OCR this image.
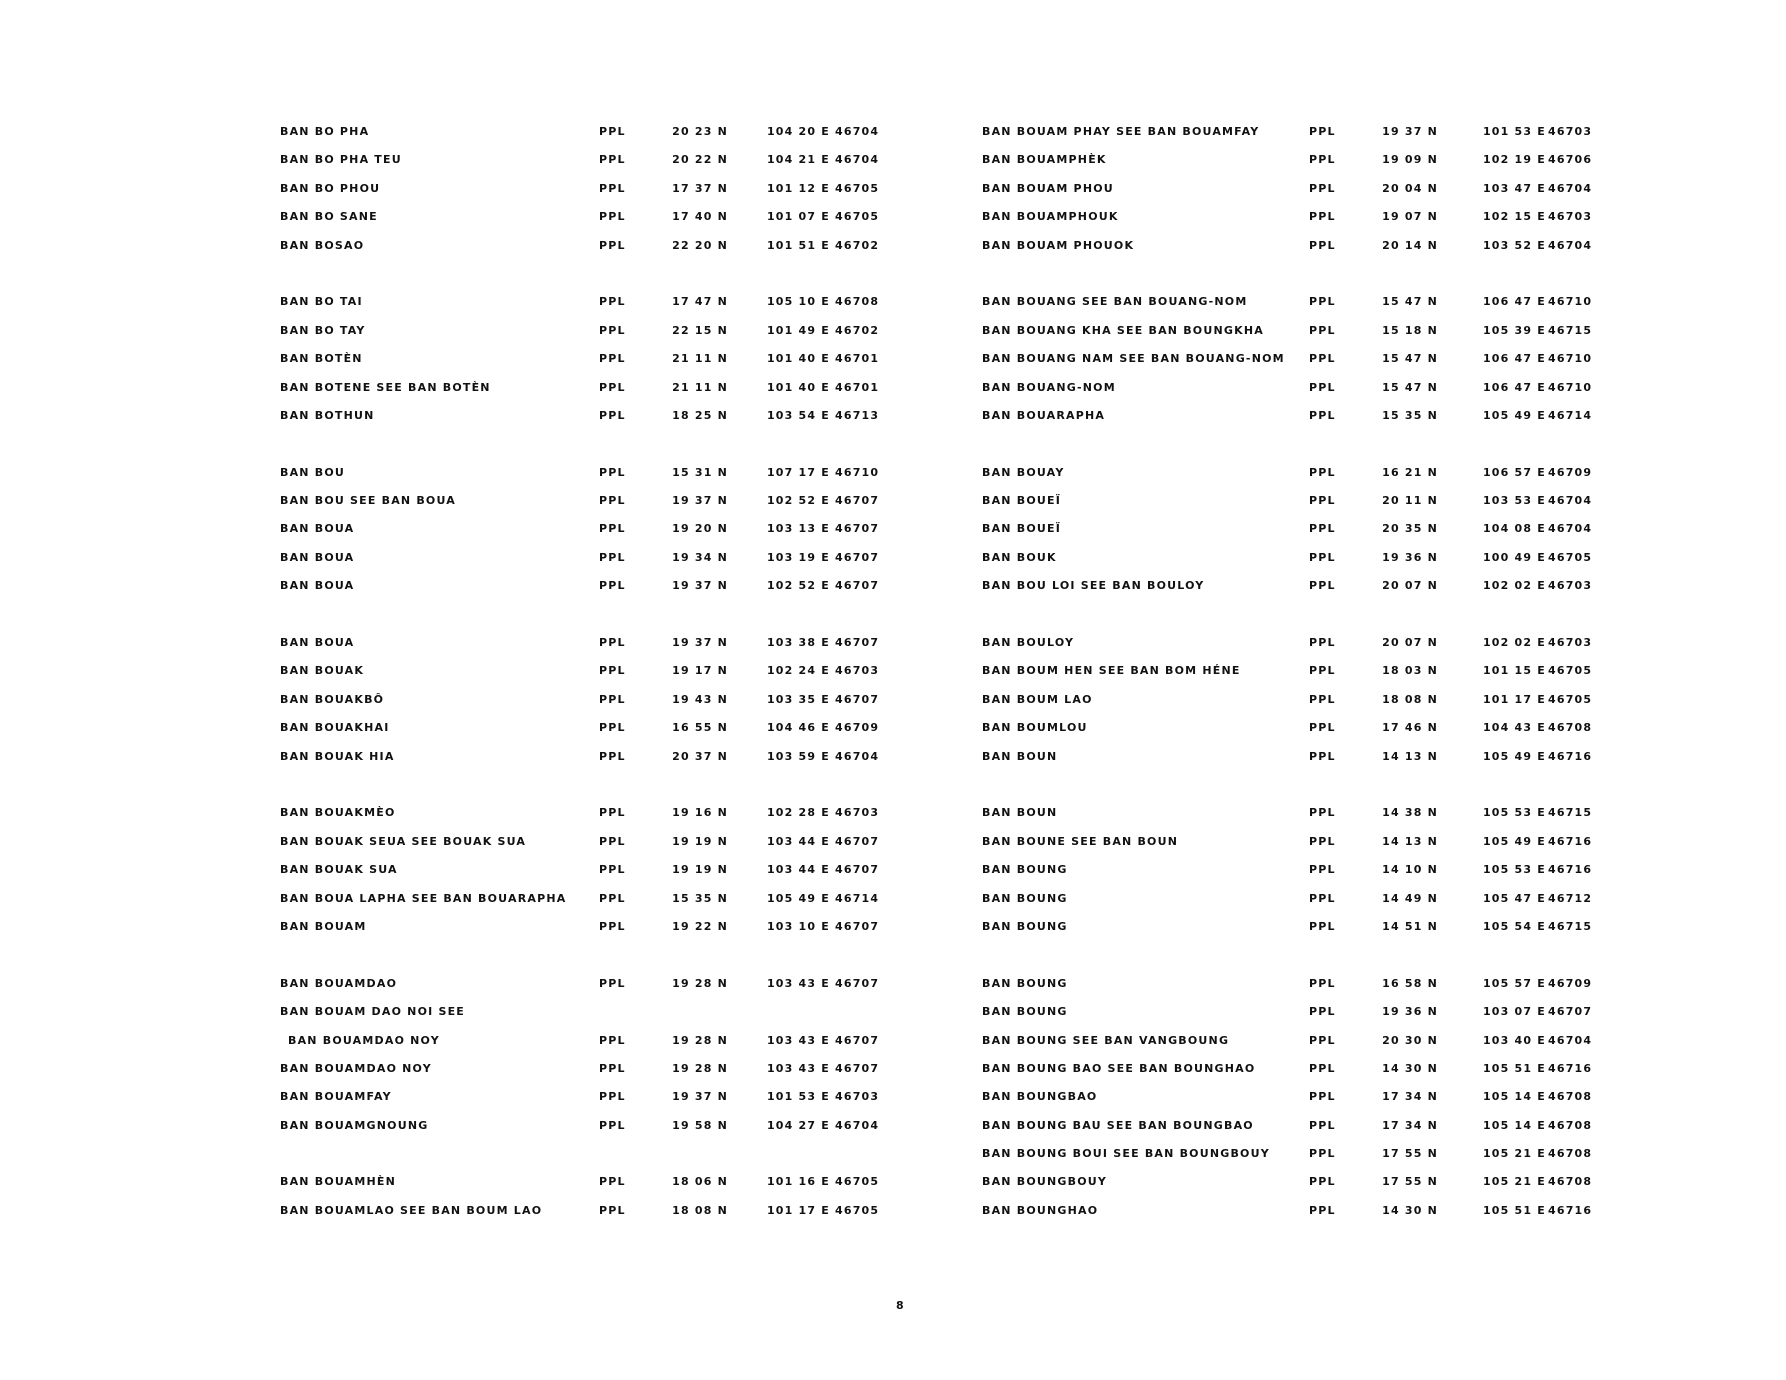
BAN BO PHA	PPL	20 23 N	104 20 E 46704
BAN BO PHA TEU	PPL	20 22 N	104 21 E 46704
BAN BO PHOU	PPL	17 37 N	101 12 E 46705
BAN BO SANE	PPL	17 40 N	101 07 E 46705
BAN BOSAO	PPL	22 20 N	101 51 E 46702
BAN BO TAI	PPL	17 47 N	105 10 E 46708
BAN BO TAY	PPL	22 15 N	101 49 E 46702
BAN BOTÈN	PPL	21 11 N	101 40 E 46701
BAN BOTENE SEE BAN BOTÈN	PPL	21 11 N	101 40 E 46701
BAN BOTHUN	PPL	18 25 N	103 54 E 46713
BAN BOU	PPL	15 31 N	107 17 E 46710
BAN BOU SEE BAN BOUA	PPL	19 37 N	102 52 E 46707
BAN BOUA	PPL	19 20 N	103 13 E 46707
BAN BOUA	PPL	19 34 N	103 19 E 46707
BAN BOUA	PPL	19 37 N	102 52 E 46707
BAN BOUA	PPL	19 37 N	103 38 E 46707
BAN BOUAK	PPL	19 17 N	102 24 E 46703
BAN BOUAKBÔ	PPL	19 43 N	103 35 E 46707
BAN BOUAKHAI	PPL	16 55 N	104 46 E 46709
BAN BOUAK HIA	PPL	20 37 N	103 59 E 46704
BAN BOUAKMÈO	PPL	19 16 N	102 28 E 46703
BAN BOUAK SEUA SEE BOUAK SUA	PPL	19 19 N	103 44 E 46707
BAN BOUAK SUA	PPL	19 19 N	103 44 E 46707
BAN BOUA LAPHA SEE BAN BOUARAPHA	PPL	15 35 N	105 49 E 46714
BAN BOUAM	PPL	19 22 N	103 10 E 46707
BAN BOUAMDAO	PPL	19 28 N	103 43 E 46707
BAN BOUAM DAO NOI SEE
BAN BOUAMDAO NOY	PPL	19 28 N	103 43 E 46707
BAN BOUAMDAO NOY	PPL	19 28 N	103 43 E 46707
BAN BOUAMFAY	PPL	19 37 N	101 53 E 46703
BAN BOUAMGNOUNG	PPL	19 58 N	104 27 E 46704
BAN BOUAMHÈN	PPL	18 06 N	101 16 E 46705
BAN BOUAMLAO SEE BAN BOUM LAO	PPL	18 08 N	101 17 E 46705
BAN BOUAM PHAY SEE BAN BOUAMFAY	PPL	19 37 N	101 53 E 46703
BAN BOUAMPHÈK	PPL	19 09 N	102 19 E 46706
BAN BOUAM PHOU	PPL	20 04 N	103 47 E 46704
BAN BOUAMPHOUK	PPL	19 07 N	102 15 E 46703
BAN BOUAM PHOUOK	PPL	20 14 N	103 52 E 46704
BAN BOUANG SEE BAN BOUANG-NOM	PPL	15 47 N	106 47 E 46710
BAN BOUANG KHA SEE BAN BOUNGKHA	PPL	15 18 N	105 39 E 46715
BAN BOUANG NAM SEE BAN BOUANG-NOM PPL	15 47 N	106 47 E 46710
BAN BOUANG-NOM	PPL	15 47 N	106 47 E 46710
BAN BOUARAPHA	PPL	15 35 N	105 49 E 46714
BAN BOUAY	PPL	16 21 N	106 57 E 46709
BAN BOUEÏ	PPL	20 11 N	103 53 E 46704
BAN BOUEÏ	PPL	20 35 N	104 08 E 46704
BAN BOUK	PPL	19 36 N	100 49 E 46705
BAN BOU LOI SEE BAN BOULOY	PPL	20 07 N	102 02 E 46703
BAN BOULOY	PPL	20 07 N	102 02 E 46703
BAN BOUM HEN SEE BAN BOM HÉNE	PPL	18 03 N	101 15 E 46705
BAN BOUM LAO	PPL	18 08 N	101 17 E 46705
BAN BOUMLOU	PPL	17 46 N	104 43 E 46708
BAN BOUN	PPL	14 13 N	105 49 E 46716
BAN BOUN	PPL	14 38 N	105 53 E 46715
BAN BOUNE SEE BAN BOUN	PPL	14 13 N	105 49 E 46716
BAN BOUNG	PPL	14 10 N	105 53 E 46716
BAN BOUNG	PPL	14 49 N	105 47 E 46712
BAN BOUNG	PPL	14 51 N	105 54 E 46715
BAN BOUNG	PPL	16 58 N	105 57 E 46709
BAN BOUNG	PPL	19 36 N	103 07 E 46707
BAN BOUNG SEE BAN VANGBOUNG	PPL	20 30 N	103 40 E 46704
BAN BOUNG BAO SEE BAN BOUNGHAO	PPL	14 30 N	105 51 E 46716
BAN BOUNGBAO	PPL	17 34 N	105 14 E 46708
BAN BOUNG BAU SEE BAN BOUNGBAO	PPL	17 34 N	105 14 E 46708
BAN BOUNG BOUI SEE BAN BOUNGBOUY	PPL	17 55 N	105 21 E 46708
BAN BOUNGBOUY	PPL	17 55 N	105 21 E 46708
BAN BOUNGHAO	PPL	14 30 N	105 51 E 46716
8
